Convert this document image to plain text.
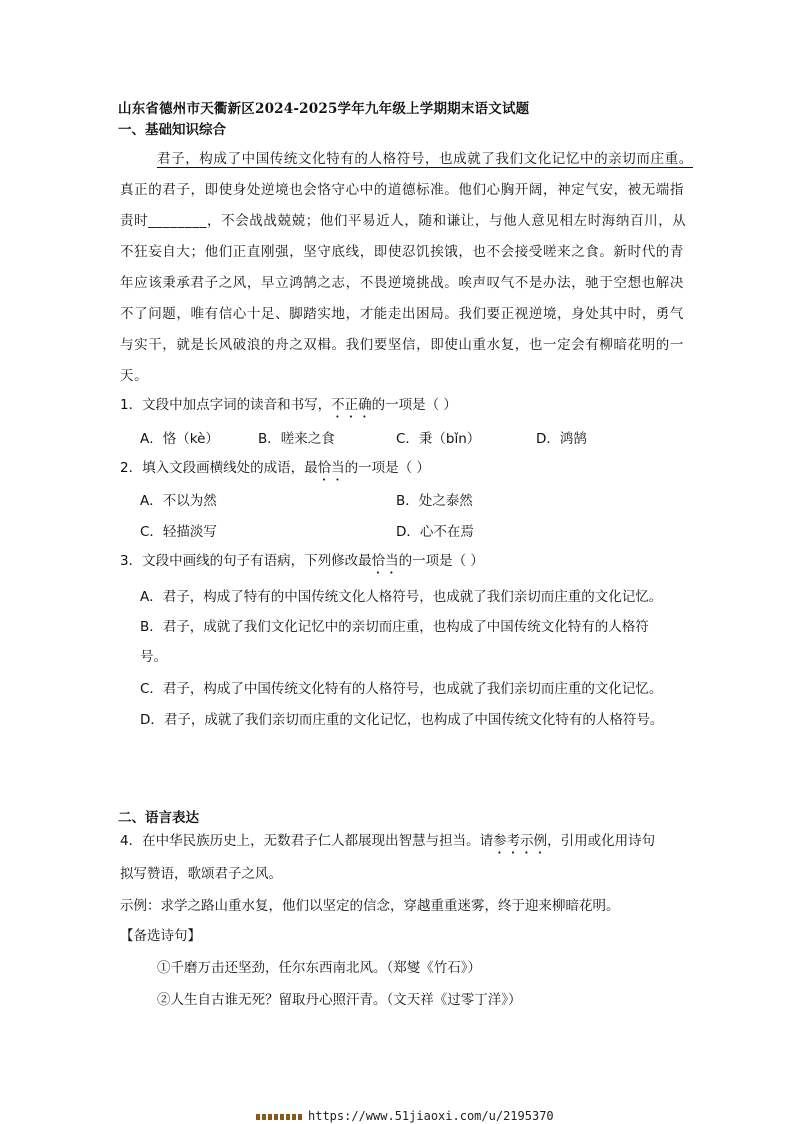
山东省德州市天衢新区2024-2025学年九年级上学期期末语文试题
一、基础知识综合
君子，构成了中国传统文化特有的人格符号，也成就了我们文化记忆中的亲切而庄重。
真正的君子，即使身处逆境也会恪守心中的道德标准。他们心胸开阔，神定气安，被无端指
责时________，不会战战兢兢；他们平易近人，随和谦让，与他人意见相左时海纳百川，从
不狂妄自大；他们正直刚强，坚守底线，即使忍饥挨饿，也不会接受嗟来之食。新时代的青
年应该秉承君子之风，早立鸿鹄之志，不畏逆境挑战。唉声叹气不是办法，驰于空想也解决
不了问题，唯有信心十足、脚踏实地，才能走出困局。我们要正视逆境，身处其中时，勇气
与实干，就是长风破浪的舟之双楫。我们要坚信，即使山重水复，也一定会有柳暗花明的一
天。
1．文段中加点字词的读音和书写，不正确的一项是（ ）
A．恪（kè）	B．嗟来之食	C．秉（bǐn）	D．鸿鹄
2．填入文段画横线处的成语，最恰当的一项是（ ）
A．不以为然	B．处之泰然
C．轻描淡写	D．心不在焉
3．文段中画线的句子有语病，下列修改最恰当的一项是（ ）
A．君子，构成了特有的中国传统文化人格符号，也成就了我们亲切而庄重的文化记忆。
B．君子，成就了我们文化记忆中的亲切而庄重，也构成了中国传统文化特有的人格符
号。
C．君子，构成了中国传统文化特有的人格符号，也成就了我们亲切而庄重的文化记忆。
D．君子，成就了我们亲切而庄重的文化记忆，也构成了中国传统文化特有的人格符号。
二、语言表达
4．在中华民族历史上，无数君子仁人都展现出智慧与担当。请参考示例，引用或化用诗句
拟写赞语，歌颂君子之风。
示例：求学之路山重水复，他们以坚定的信念，穿越重重迷雾，终于迎来柳暗花明。
【备选诗句】
①千磨万击还坚劲，任尔东西南北风。（郑燮《竹石》）
②人生自古谁无死？留取丹心照汗青。（文天祥《过零丁洋》）
https://www.51jiaoxi.com/u/2195370
